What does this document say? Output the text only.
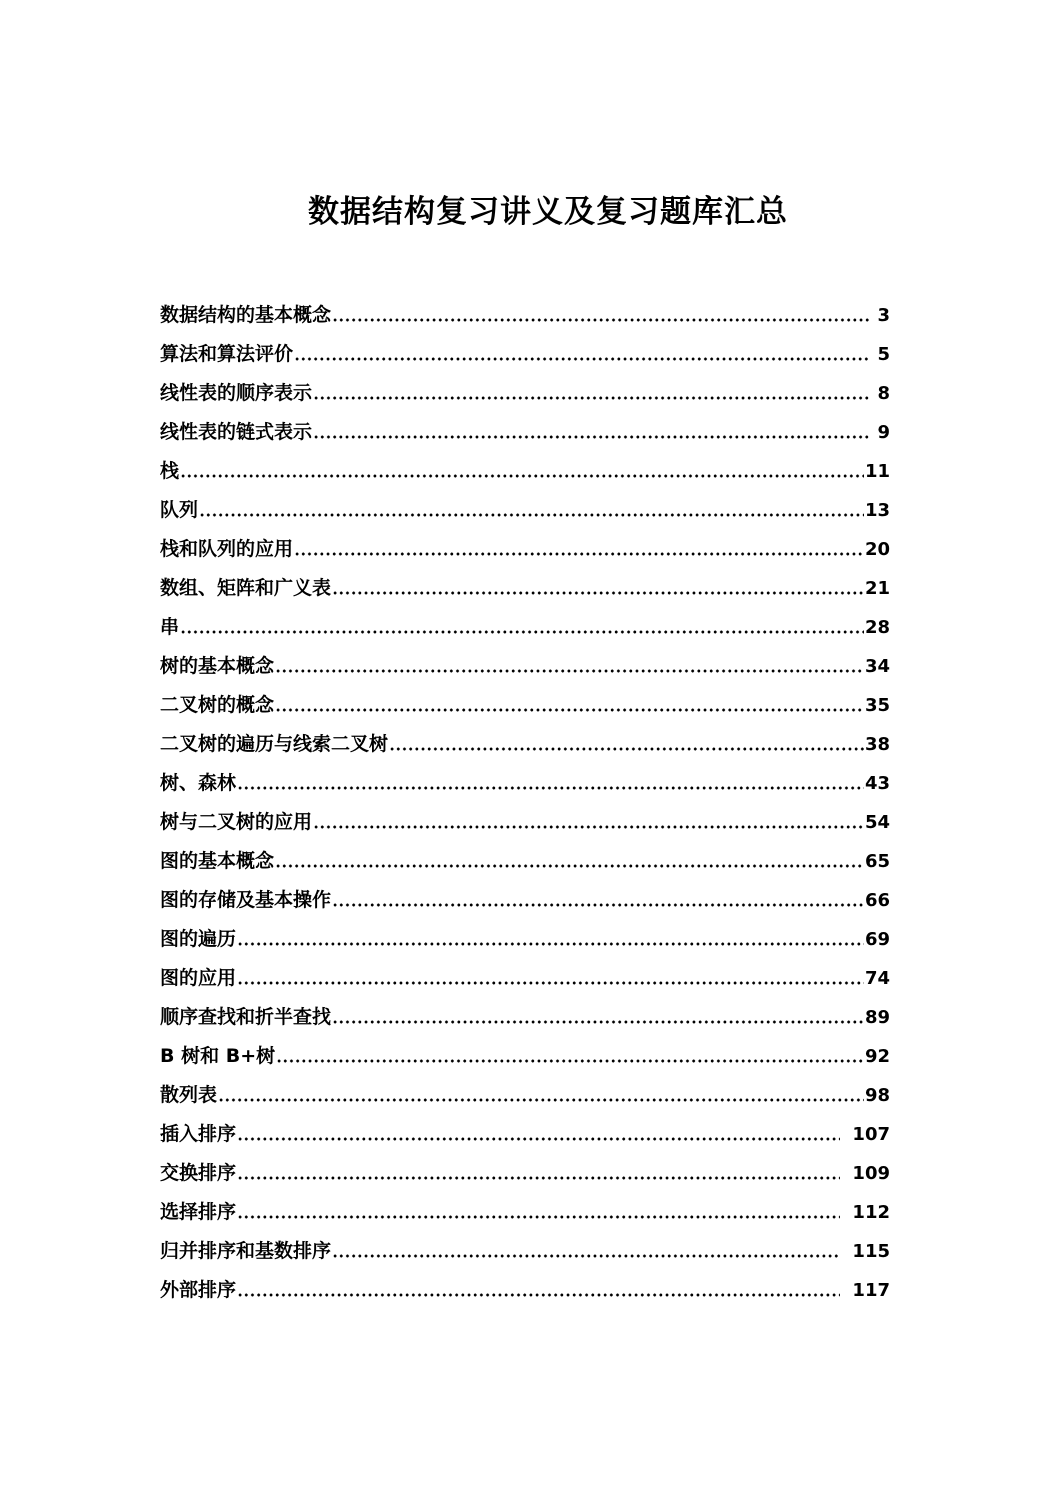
数据结构复习讲义及复习题库汇总
数据结构的基本概念	3
算法和算法评价	5
线性表的顺序表示	8
线性表的链式表示	9
栈	11
队列	13
栈和队列的应用	20
数组、矩阵和广义表	21
串	28
树的基本概念	34
二叉树的概念	35
二叉树的遍历与线索二叉树	38
树、森林	43
树与二叉树的应用	54
图的基本概念	65
图的存储及基本操作	66
图的遍历	69
图的应用	74
顺序查找和折半查找	89
B 树和 B+树	92
散列表	98
插入排序	107
交换排序	109
选择排序	112
归并排序和基数排序	115
外部排序	117
